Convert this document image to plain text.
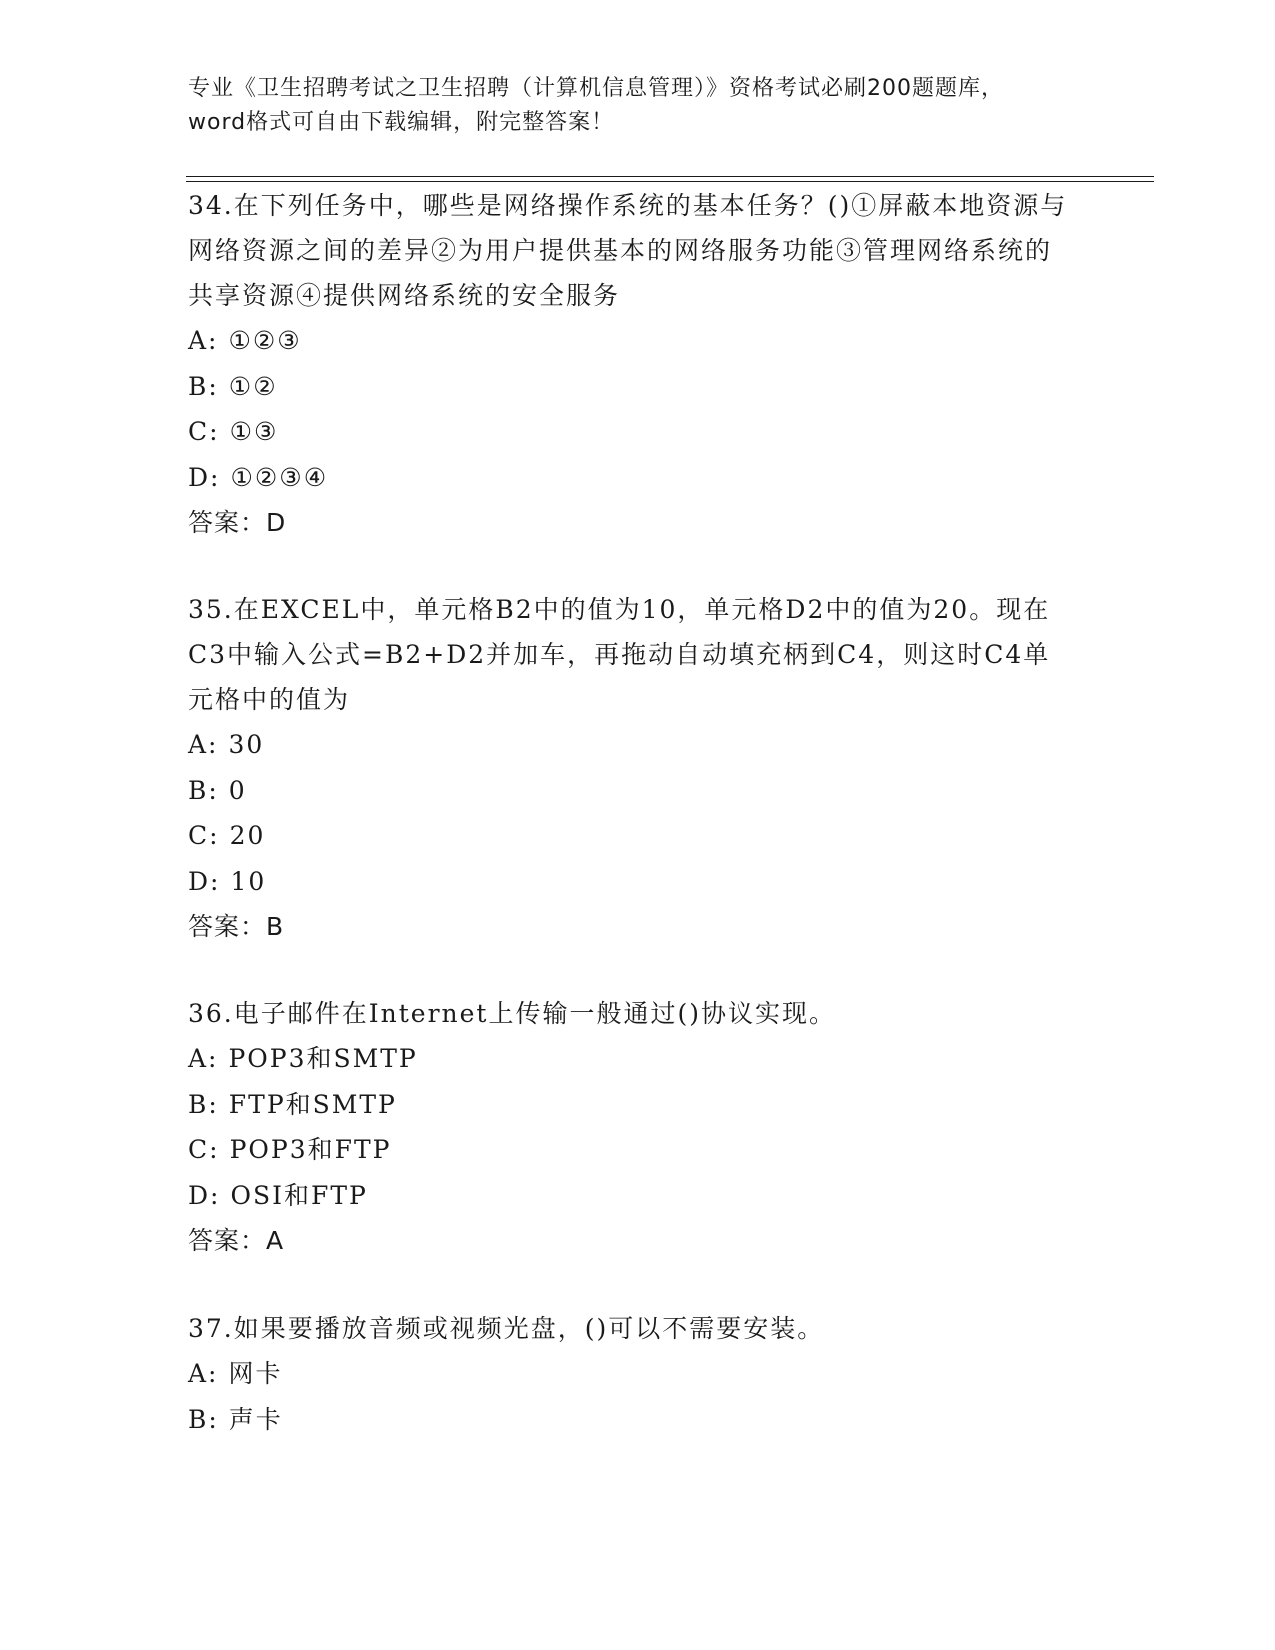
专业《卫生招聘考试之卫生招聘（计算机信息管理）》资格考试必刷200题题库，
word格式可自由下载编辑，附完整答案！

34.在下列任务中，哪些是网络操作系统的基本任务？()①屏蔽本地资源与网络资源之间的差异②为用户提供基本的网络服务功能③管理网络系统的共享资源④提供网络系统的安全服务

A: ①②③

B: ①②

C: ①③

D: ①②③④

答案：D

35.在EXCEL中，单元格B2中的值为10，单元格D2中的值为20。现在C3中输入公式=B2+D2并加车，再拖动自动填充柄到C4，则这时C4单元格中的值为

A: 30

B: 0

C: 20

D: 10

答案：B

36.电子邮件在Internet上传输一般通过()协议实现。

A: POP3和SMTP

B: FTP和SMTP

C: POP3和FTP

D: OSI和FTP

答案：A

37.如果要播放音频或视频光盘，()可以不需要安装。

A: 网卡

B: 声卡
